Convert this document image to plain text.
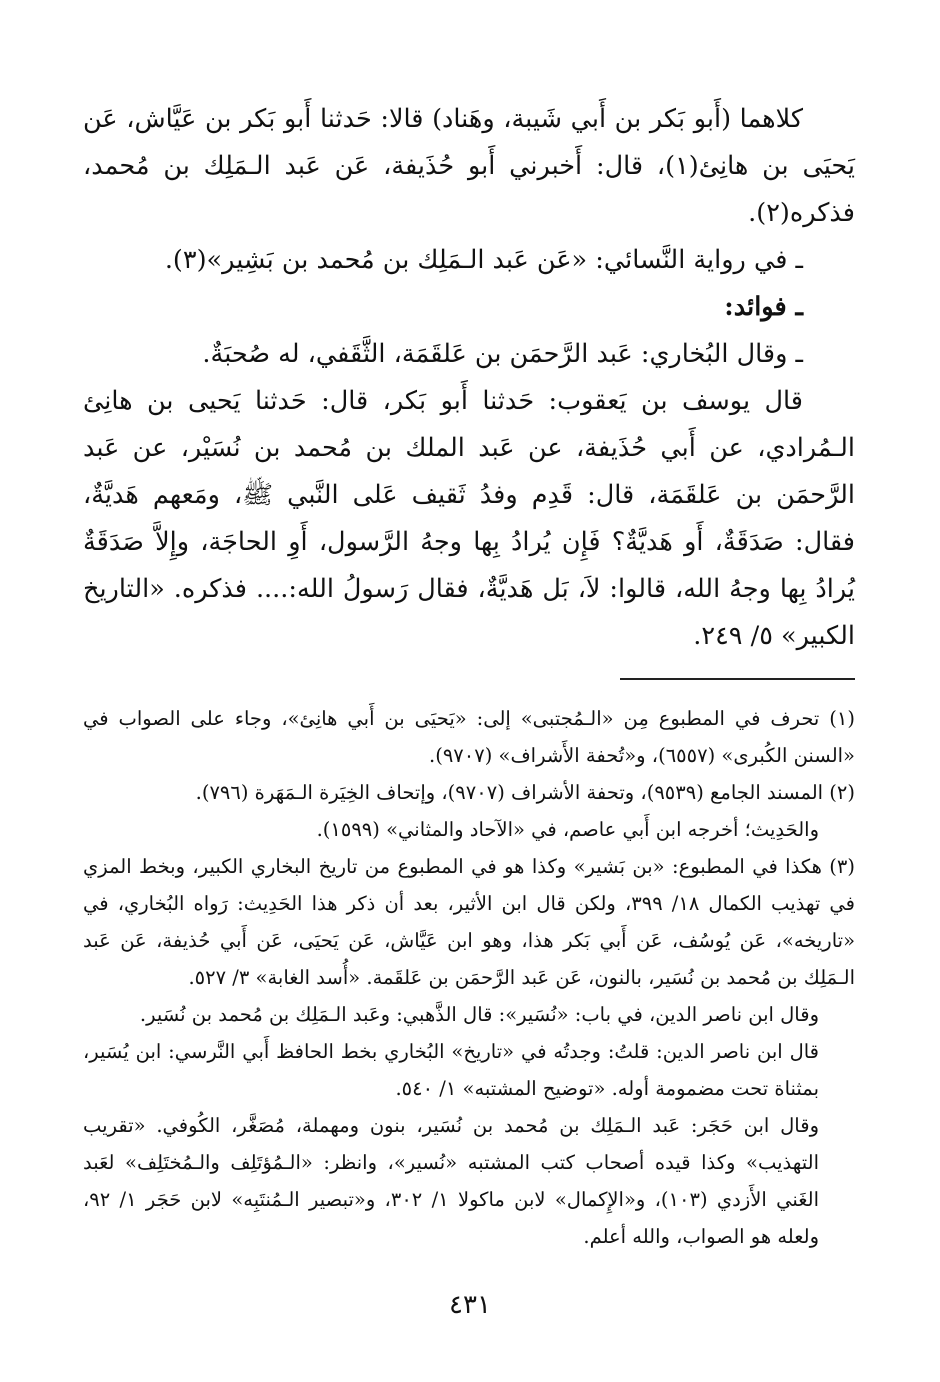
كلاهما (أَبو بَكر بن أَبي شَيبة، وهَناد) قالا: حَدثنا أَبو بَكر بن عَيَّاش، عَن يَحيَى بن هانِئ(١)، قال: أَخبرني أَبو حُذَيفة، عَن عَبد الـمَلِك بن مُحمد، فذكره(٢).

ـ في رواية النَّسائي: «عَن عَبد الـمَلِك بن مُحمد بن بَشِير»(٣).

ـ فوائد:

ـ وقال البُخاري: عَبد الرَّحمَن بن عَلقَمَة، الثَّقَفي، له صُحبَةٌ.

قال يوسف بن يَعقوب: حَدثنا أَبو بَكر، قال: حَدثنا يَحيى بن هانِئ الـمُرادي، عن أَبي حُذَيفة، عن عَبد الملك بن مُحمد بن نُسَيْر، عن عَبد الرَّحمَن بن عَلقَمَة، قال: قَدِم وفدُ ثَقيف عَلى النَّبي ﷺ، ومَعهم هَديَّةٌ، فقال: صَدَقَةٌ، أَو هَديَّةٌ؟ فَإِن يُرادُ بِها وجهُ الرَّسول، أَوِ الحاجَة، وإِلاَّ صَدَقَةٌ يُرادُ بِها وجهُ الله، قالوا: لاَ، بَل هَديَّةٌ، فقال رَسولُ الله:.... فذكره. «التاريخ الكبير» ٥/ ٢٤٩.

(١) تحرف في المطبوع مِن «الـمُجتبى» إلى: «يَحيَى بن أَبي هانِئ»، وجاء على الصواب في «السنن الكُبرى» (٦٥٥٧)، و«تُحفة الأَشراف» (٩٧٠٧).

(٢) المسند الجامع (٩٥٣٩)، وتحفة الأشراف (٩٧٠٧)، وإتحاف الخِيَرة الـمَهَرة (٧٩٦).

والحَدِيث؛ أخرجه ابن أَبي عاصم، في «الآحاد والمثاني» (١٥٩٩).

(٣) هكذا في المطبوع: «بن بَشير» وكذا هو في المطبوع من تاريخ البخاري الكبير، وبخط المزي في تهذيب الكمال ١٨/ ٣٩٩، ولكن قال ابن الأثير، بعد أن ذكر هذا الحَدِيث: رَواه البُخاري، في «تاريخه»، عَن يُوسُف، عَن أَبي بَكر هذا، وهو ابن عَيَّاش، عَن يَحيَى، عَن أَبي حُذيفة، عَن عَبد الـمَلِك بن مُحمد بن نُسَير، بالنون، عَن عَبد الرَّحمَن بن عَلقَمة. «أُسد الغابة» ٣/ ٥٢٧.

وقال ابن ناصر الدين، في باب: «نُسَير»: قال الذَّهبي: وعَبد الـمَلِك بن مُحمد بن نُسَير.

قال ابن ناصر الدين: قلتُ: وجدتُه في «تاريخ» البُخاري بخط الحافظ أَبي النَّرسي: ابن يُسَير، بمثناة تحت مضمومة أوله. «توضيح المشتبه» ١/ ٥٤٠.

وقال ابن حَجَر: عَبد الـمَلِك بن مُحمد بن نُسَير، بنون ومهملة، مُصَغَّر، الكُوفي. «تقريب التهذيب» وكذا قيده أصحاب كتب المشتبه «نُسير»، وانظر: «الـمُؤتَلِف والـمُختَلِف» لعَبد الغَني الأَزدي (١٠٣)، و«الإِكمال» لابن ماكولا ١/ ٣٠٢، و«تبصير الـمُنتَبِه» لابن حَجَر ١/ ٩٢، ولعله هو الصواب، والله أعلم.

٤٣١
